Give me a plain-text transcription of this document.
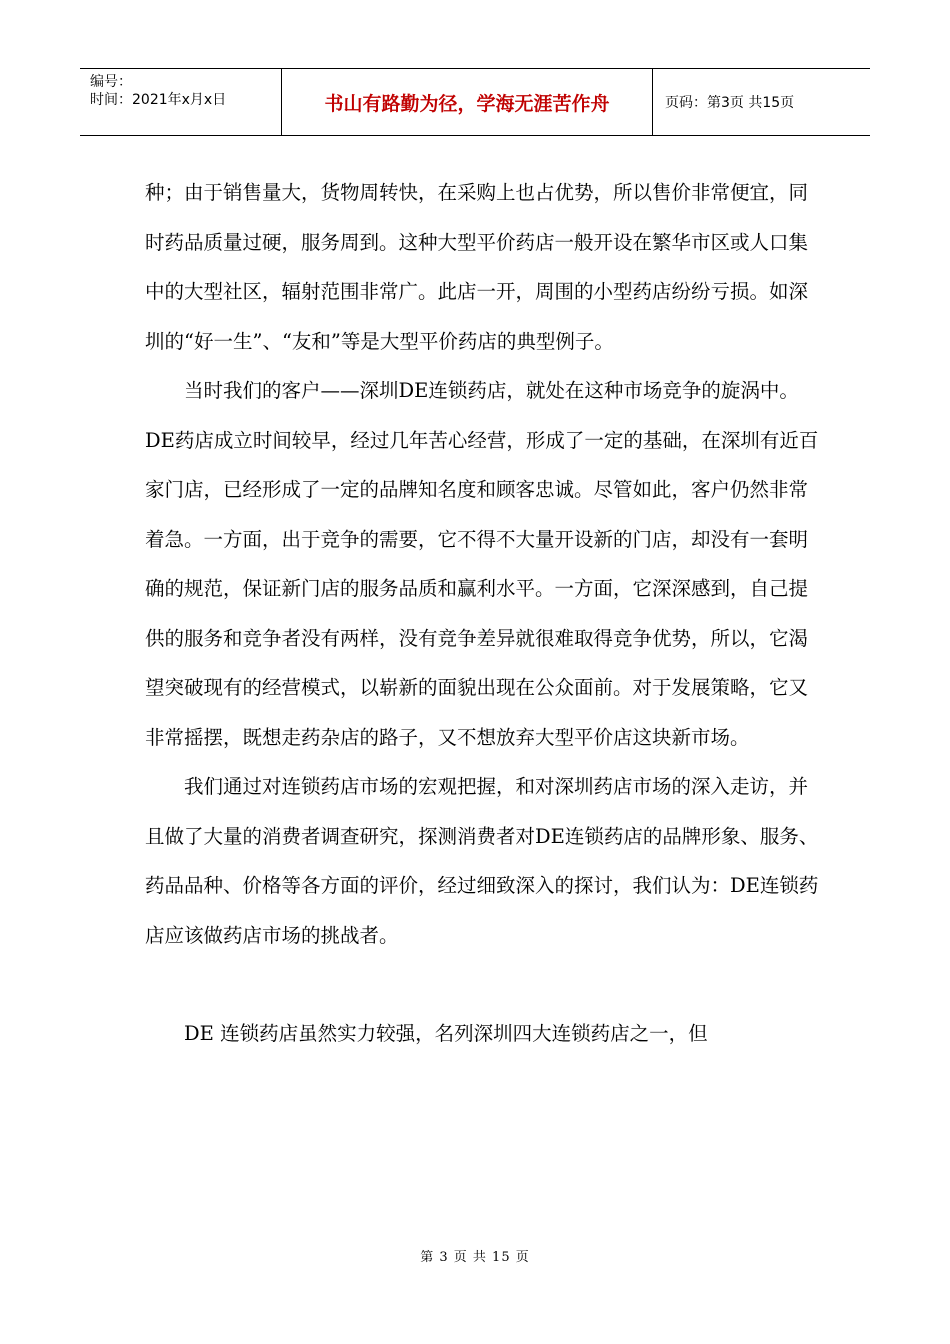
编号：
时间：2021年x月x日	书山有路勤为径，学海无涯苦作舟	页码：第3页 共15页

种；由于销售量大，货物周转快，在采购上也占优势，所以售价非常便宜，同时药品质量过硬，服务周到。这种大型平价药店一般开设在繁华市区或人口集中的大型社区，辐射范围非常广。此店一开，周围的小型药店纷纷亏损。如深圳的“好一生”、“友和”等是大型平价药店的典型例子。

当时我们的客户——深圳DE连锁药店，就处在这种市场竞争的旋涡中。DE药店成立时间较早，经过几年苦心经营，形成了一定的基础，在深圳有近百家门店，已经形成了一定的品牌知名度和顾客忠诚。尽管如此，客户仍然非常着急。一方面，出于竞争的需要，它不得不大量开设新的门店，却没有一套明确的规范，保证新门店的服务品质和赢利水平。一方面，它深深感到，自己提供的服务和竞争者没有两样，没有竞争差异就很难取得竞争优势，所以，它渴望突破现有的经营模式，以崭新的面貌出现在公众面前。对于发展策略，它又非常摇摆，既想走药杂店的路子，又不想放弃大型平价店这块新市场。

我们通过对连锁药店市场的宏观把握，和对深圳药店市场的深入走访，并且做了大量的消费者调查研究，探测消费者对DE连锁药店的品牌形象、服务、药品品种、价格等各方面的评价，经过细致深入的探讨，我们认为：DE连锁药店应该做药店市场的挑战者。

DE 连锁药店虽然实力较强，名列深圳四大连锁药店之一，但

第 3 页 共 15 页
